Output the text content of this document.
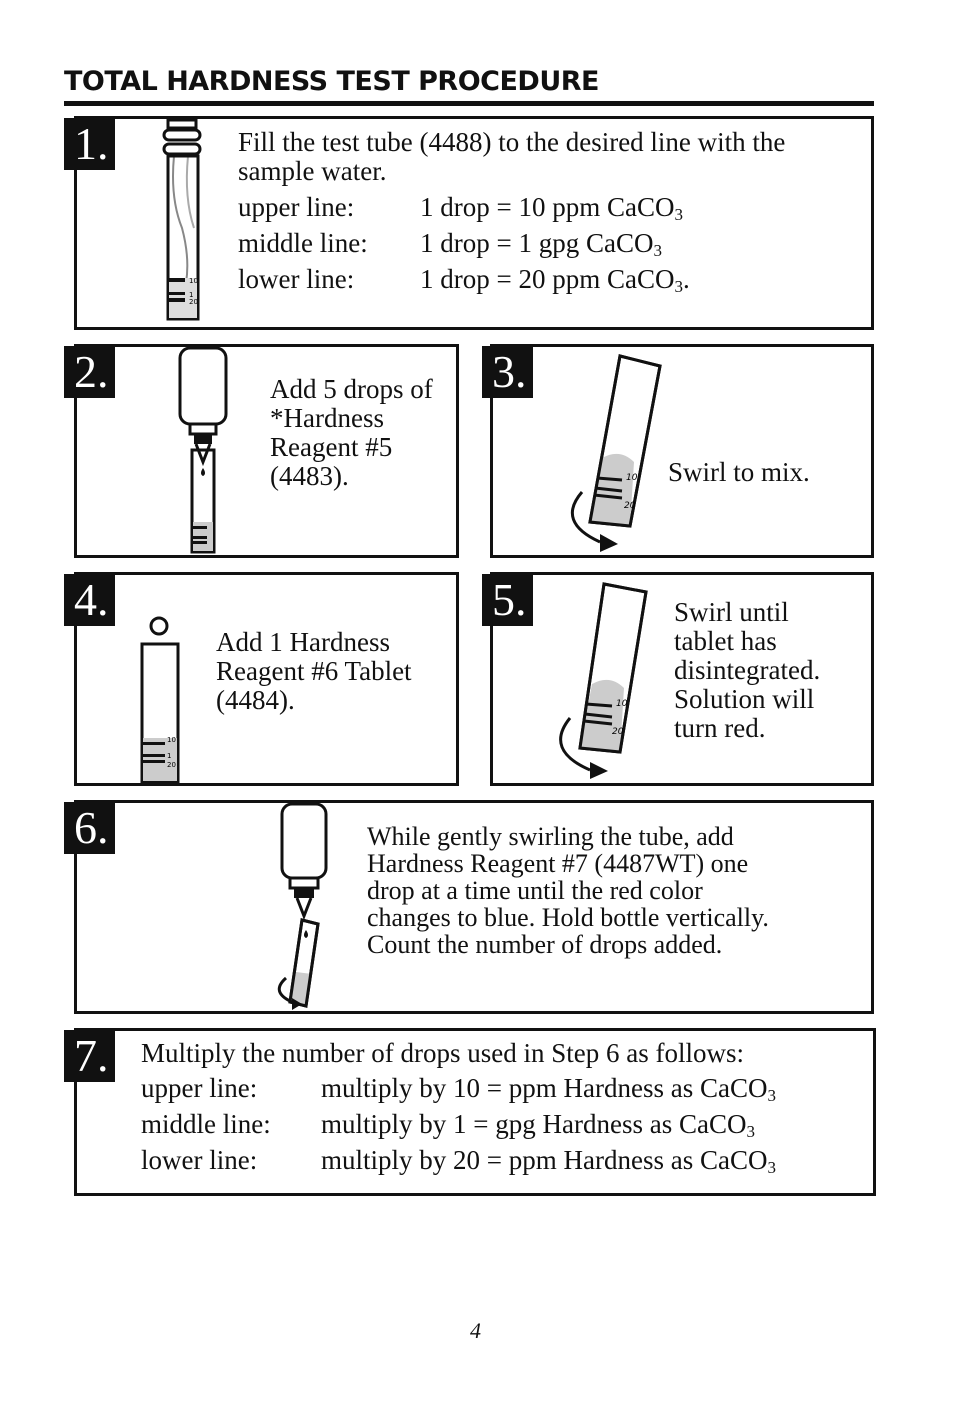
TOTAL HARDNESS TEST PROCEDURE
1.
10
1
20
Fill the test tube (4488) to the desired line with the sample water.
upper line: 1 drop = 10 ppm CaCO$_3$
middle line: 1 drop = 1 gpg CaCO$_3$
lower line: 1 drop = 20 ppm CaCO$_3$.
2.	Add 5 drops of *Hardness Reagent #5 (4483).
3.
10
20
Swirl to mix.
4.
10
1
20
Add 1 Hardness Reagent #6 Tablet (4484).
5.
10
20
Swirl until tablet has disintegrated. Solution will turn red.
6.	While gently swirling the tube, add Hardness Reagent #7 (4487WT) one drop at a time until the red color changes to blue. Hold bottle vertically. Count the number of drops added.
7. Multiply the number of drops used in Step 6 as follows:
upper line: multiply by 10 = ppm Hardness as CaCO$_3$
middle line: multiply by 1 = gpg Hardness as CaCO$_3$
lower line: multiply by 20 = ppm Hardness as CaCO$_3$
4
